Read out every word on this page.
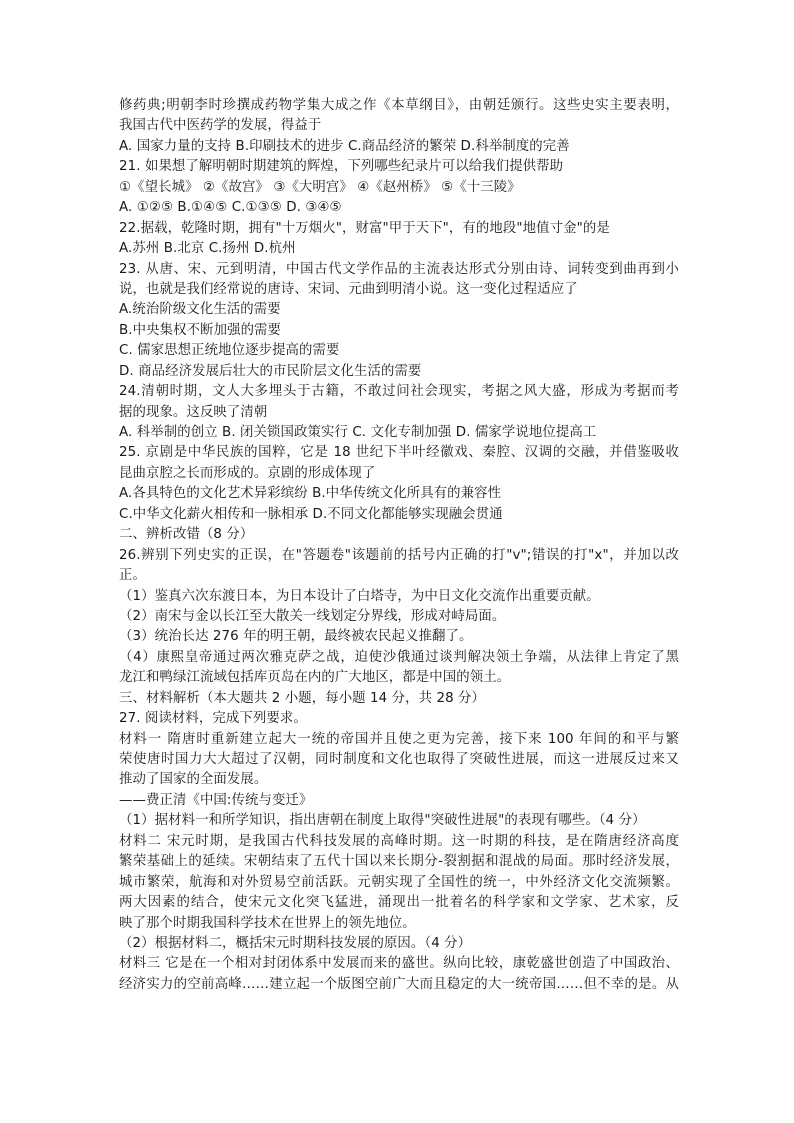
修药典;明朝李时珍撰成药物学集大成之作《本草纲目》，由朝廷颁行。这些史实主要表明，
我国古代中医药学的发展，得益于
A. 国家力量的支持 B.印刷技术的进步 C.商品经济的繁荣 D.科举制度的完善
21. 如果想了解明朝时期建筑的辉煌，下列哪些纪录片可以给我们提供帮助
①《望长城》 ②《故宫》 ③《大明宫》 ④《赵州桥》 ⑤《十三陵》
A. ①②⑤ B.①④⑤ C.①③⑤ D. ③④⑤
22.据载，乾隆时期，拥有"十万烟火"，财富"甲于天下"，有的地段"地值寸金"的是
A.苏州 B.北京 C.扬州 D.杭州
23. 从唐、宋、元到明清，中国古代文学作品的主流表达形式分别由诗、词转变到曲再到小
说，也就是我们经常说的唐诗、宋词、元曲到明清小说。这一变化过程适应了
A.统治阶级文化生活的需要
B.中央集权不断加强的需要
C. 儒家思想正统地位逐步提高的需要
D. 商品经济发展后壮大的市民阶层文化生活的需要
24.清朝时期，文人大多埋头于古籍，不敢过问社会现实，考据之风大盛，形成为考据而考
据的现象。这反映了清朝
A. 科举制的创立 B. 闭关锁国政策实行 C. 文化专制加强 D. 儒家学说地位提高工
25. 京剧是中华民族的国粹，它是 18 世纪下半叶经徽戏、秦腔、汉调的交融，并借鉴吸收
昆曲京腔之长而形成的。京剧的形成体现了
A.各具特色的文化艺术异彩缤纷 B.中华传统文化所具有的兼容性
C.中华文化薪火相传和一脉相承 D.不同文化都能够实现融会贯通
二、辨析改错（8 分）
26.辨别下列史实的正误，在"答题卷"该题前的括号内正确的打"v";错误的打"x"，并加以改
正。
（1）鉴真六次东渡日本，为日本设计了白塔寺，为中日文化交流作出重要贡献。
（2）南宋与金以长江至大散关一线划定分界线，形成对峙局面。
（3）统治长达 276 年的明王朝，最终被农民起义推翻了。
（4）康熙皇帝通过两次雅克萨之战，迫使沙俄通过谈判解决领土争端，从法律上肯定了黑
龙江和鸭绿江流域包括库页岛在内的广大地区，都是中国的领土。
三、材料解析（本大题共 2 小题，每小题 14 分，共 28 分）
27. 阅读材料，完成下列要求。
材料一 隋唐时重新建立起大一统的帝国并且使之更为完善，接下来 100 年间的和平与繁
荣使唐时国力大大超过了汉朝，同时制度和文化也取得了突破性进展，而这一进展反过来又
推动了国家的全面发展。
——费正清《中国:传统与变迁》
（1）据材料一和所学知识，指出唐朝在制度上取得"突破性进展"的表现有哪些。（4 分）
材料二 宋元时期，是我国古代科技发展的高峰时期。这一时期的科技，是在隋唐经济高度
繁荣基础上的延续。宋朝结束了五代十国以来长期分-裂割据和混战的局面。那时经济发展，
城市繁荣，航海和对外贸易空前活跃。元朝实现了全国性的统一，中外经济文化交流频繁。
两大因素的结合，使宋元文化突飞猛进，涌现出一批着名的科学家和文学家、艺术家，反
映了那个时期我国科学技术在世界上的领先地位。
（2）根据材料二，概括宋元时期科技发展的原因。（4 分）
材料三 它是在一个相对封闭体系中发展而来的盛世。纵向比较，康乾盛世创造了中国政治、
经济实力的空前高峰……建立起一个版图空前广大而且稳定的大一统帝国……但不幸的是。从
